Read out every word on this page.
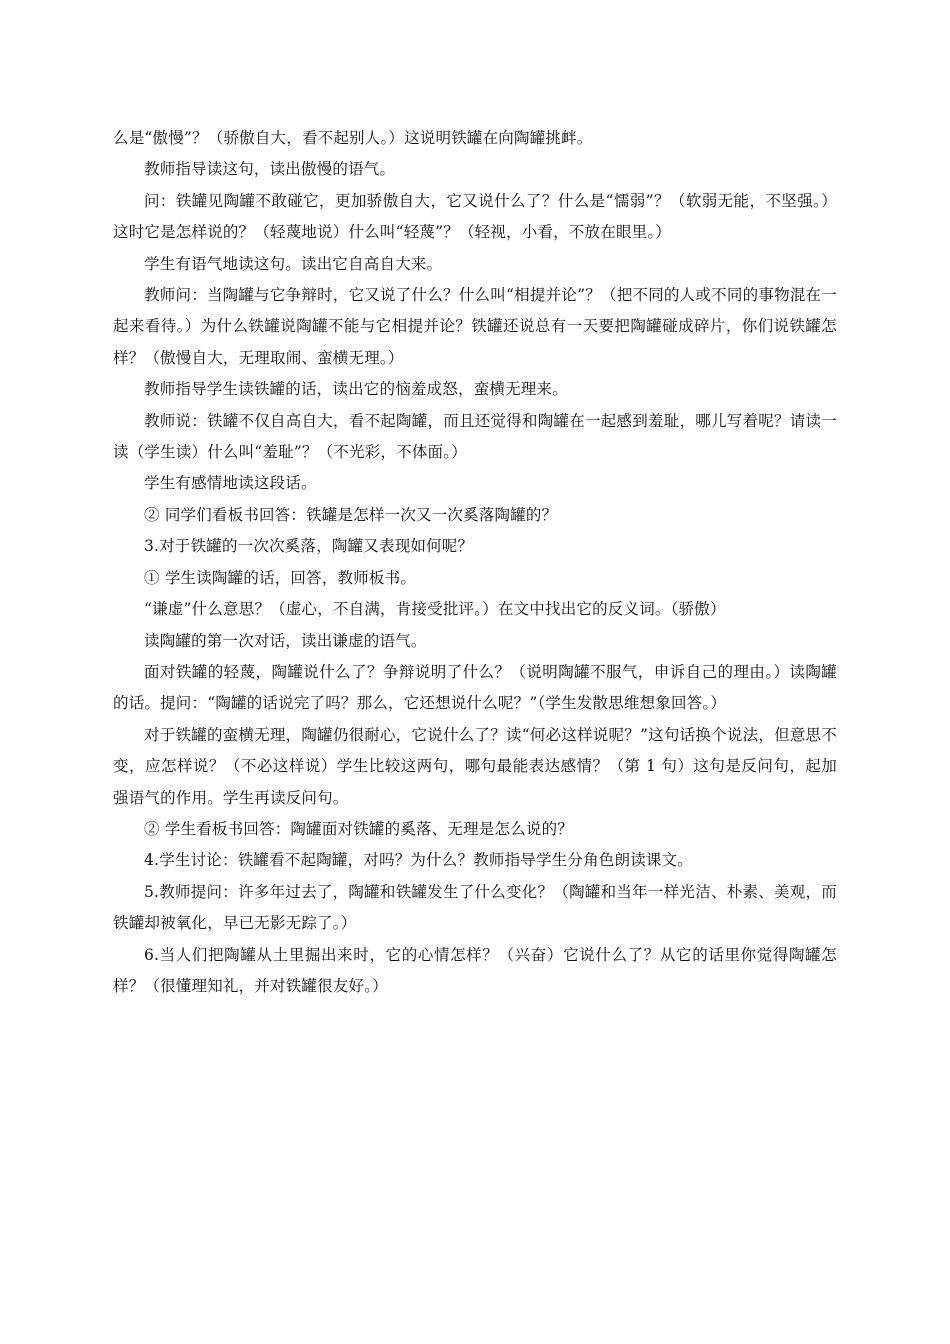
么是“傲慢”？（骄傲自大，看不起别人。）这说明铁罐在向陶罐挑衅。

教师指导读这句，读出傲慢的语气。

问：铁罐见陶罐不敢碰它，更加骄傲自大，它又说什么了？什么是“懦弱”？（软弱无能，不坚强。）这时它是怎样说的？（轻蔑地说）什么叫“轻蔑”？（轻视，小看，不放在眼里。）

学生有语气地读这句。读出它自高自大来。

教师问：当陶罐与它争辩时，它又说了什么？什么叫“相提并论”？（把不同的人或不同的事物混在一起来看待。）为什么铁罐说陶罐不能与它相提并论？铁罐还说总有一天要把陶罐碰成碎片，你们说铁罐怎样？（傲慢自大，无理取闹、蛮横无理。）

教师指导学生读铁罐的话，读出它的恼羞成怒，蛮横无理来。

教师说：铁罐不仅自高自大，看不起陶罐，而且还觉得和陶罐在一起感到羞耻，哪儿写着呢？请读一读（学生读）什么叫“羞耻”？（不光彩，不体面。）

学生有感情地读这段话。

② 同学们看板书回答：铁罐是怎样一次又一次奚落陶罐的？

3.对于铁罐的一次次奚落，陶罐又表现如何呢？

① 学生读陶罐的话，回答，教师板书。

“谦虚”什么意思？（虚心，不自满，肯接受批评。）在文中找出它的反义词。（骄傲）

读陶罐的第一次对话，读出谦虚的语气。

面对铁罐的轻蔑，陶罐说什么了？争辩说明了什么？（说明陶罐不服气，申诉自己的理由。）读陶罐的话。提问：“陶罐的话说完了吗？那么，它还想说什么呢？”（学生发散思维想象回答。）

对于铁罐的蛮横无理，陶罐仍很耐心，它说什么了？读“何必这样说呢？”这句话换个说法，但意思不变，应怎样说？（不必这样说）学生比较这两句，哪句最能表达感情？（第 1 句）这句是反问句，起加强语气的作用。学生再读反问句。

② 学生看板书回答：陶罐面对铁罐的奚落、无理是怎么说的？

4.学生讨论：铁罐看不起陶罐，对吗？为什么？教师指导学生分角色朗读课文。

5.教师提问：许多年过去了，陶罐和铁罐发生了什么变化？（陶罐和当年一样光洁、朴素、美观，而铁罐却被氧化，早已无影无踪了。）

6.当人们把陶罐从土里掘出来时，它的心情怎样？（兴奋）它说什么了？从它的话里你觉得陶罐怎样？（很懂理知礼，并对铁罐很友好。）
